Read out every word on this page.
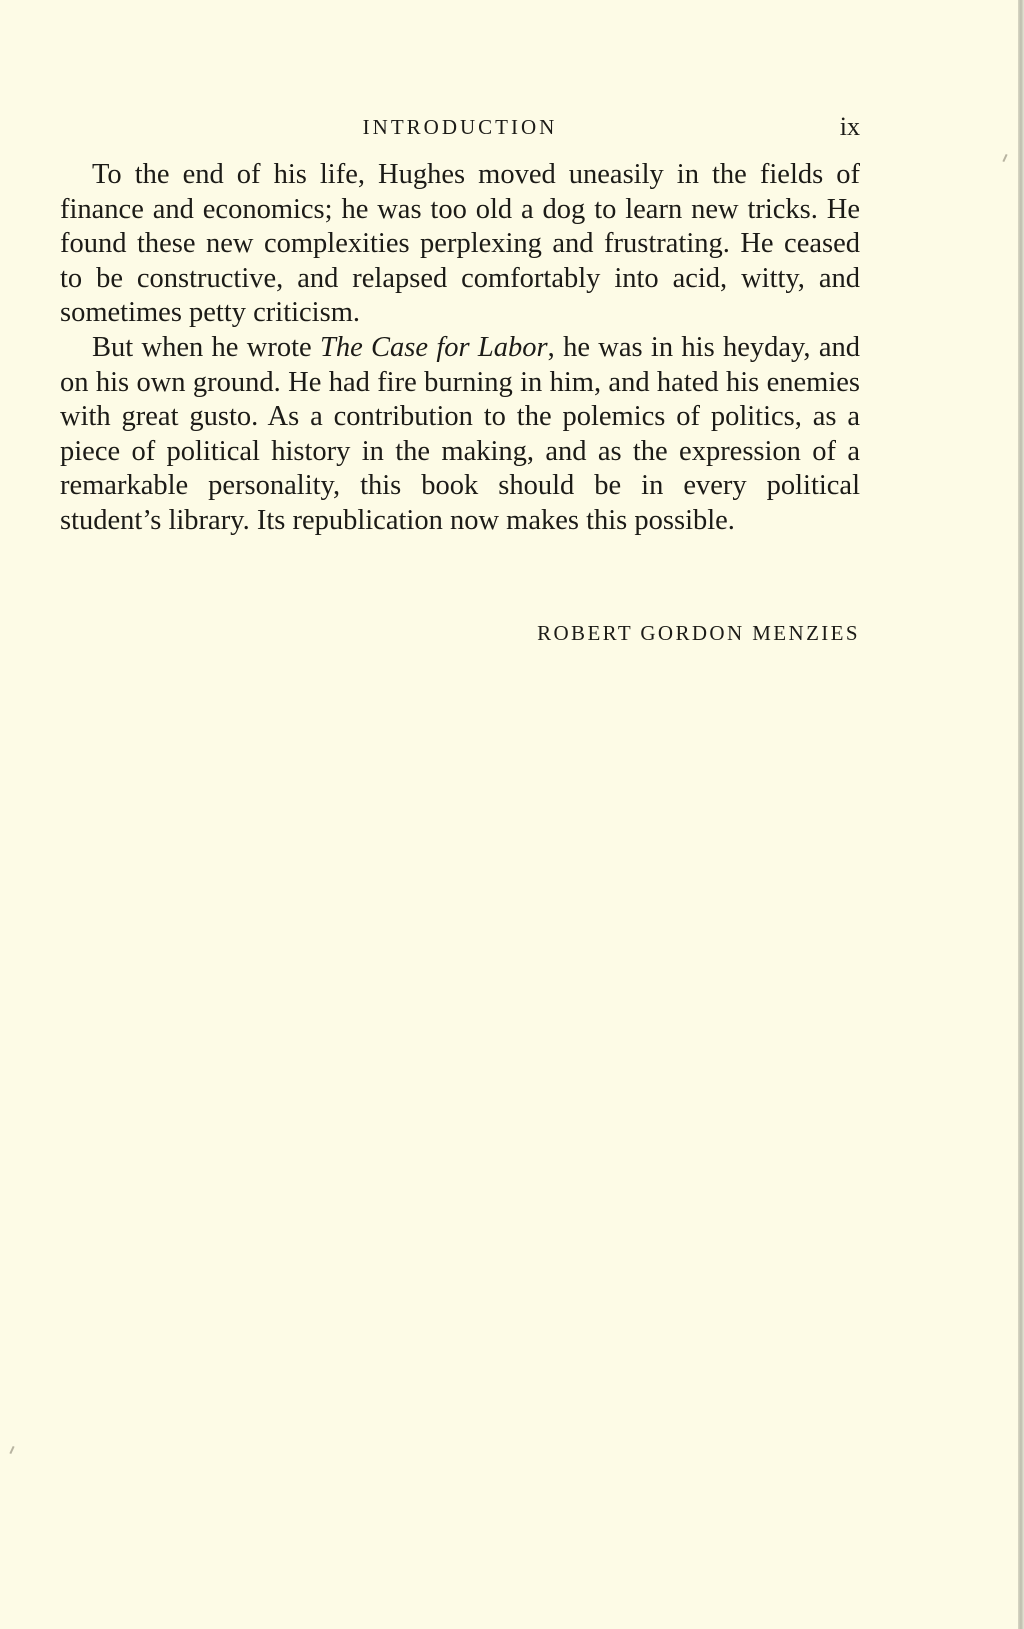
INTRODUCTION	ix

To the end of his life, Hughes moved uneasily in the fields of finance and economics; he was too old a dog to learn new tricks. He found these new complexities perplexing and frustrating. He ceased to be constructive, and relapsed comfortably into acid, witty, and sometimes petty criticism.

But when he wrote The Case for Labor, he was in his heyday, and on his own ground. He had fire burning in him, and hated his enemies with great gusto. As a contribution to the polemics of politics, as a piece of political history in the making, and as the expression of a remarkable personality, this book should be in every political student’s library. Its republication now makes this possible.

ROBERT GORDON MENZIES
